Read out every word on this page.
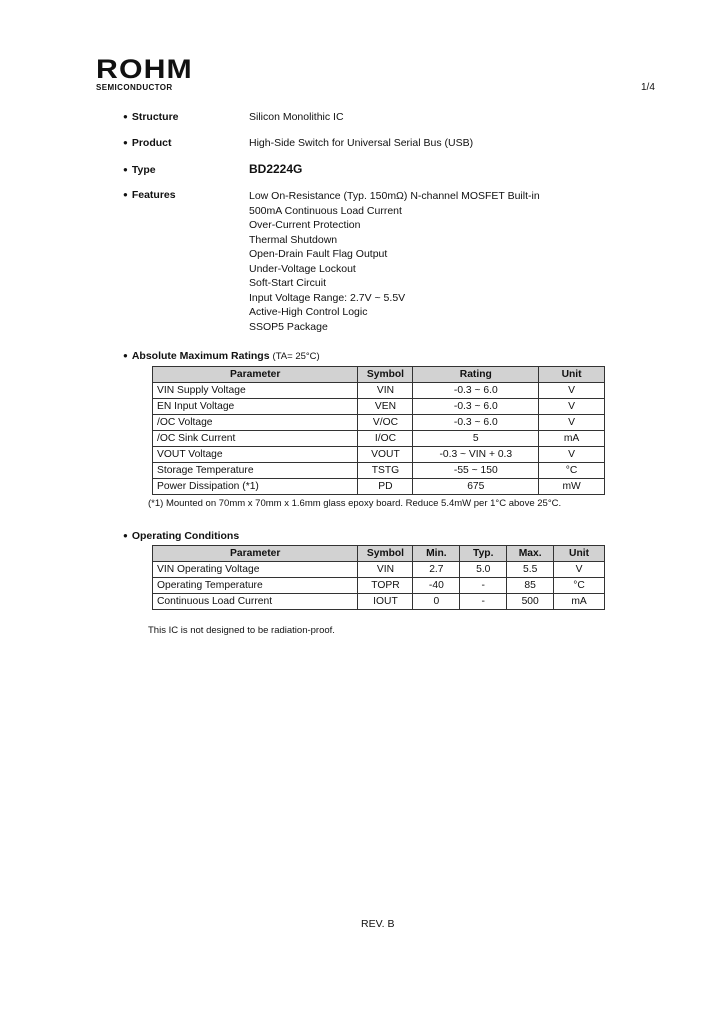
ROHM
SEMICONDUCTOR	1/4
● Structure	Silicon Monolithic IC
● Product	High-Side Switch for Universal Serial Bus (USB)
● Type	BD2224G
● Features	Low On-Resistance (Typ. 150mΩ) N-channel MOSFET Built-in
500mA Continuous Load Current
Over-Current Protection
Thermal Shutdown
Open-Drain Fault Flag Output
Under-Voltage Lockout
Soft-Start Circuit
Input Voltage Range: 2.7V ~ 5.5V
Active-High Control Logic
SSOP5 Package
● Absolute Maximum Ratings (TA= 25°C)
Parameter	Symbol	Rating	Unit
VIN Supply Voltage	VIN	-0.3 ~ 6.0	V
EN Input Voltage	VEN	-0.3 ~ 6.0	V
/OC Voltage	V/OC	-0.3 ~ 6.0	V
/OC Sink Current	I/OC	5	mA
VOUT Voltage	VOUT	-0.3 ~ VIN + 0.3	V
Storage Temperature	TSTG	-55 ~ 150	°C
Power Dissipation (*1)	PD	675	mW
(*1) Mounted on 70mm x 70mm x 1.6mm glass epoxy board. Reduce 5.4mW per 1°C above 25°C.
● Operating Conditions
Parameter	Symbol	Min.	Typ.	Max.	Unit
VIN Operating Voltage	VIN	2.7	5.0	5.5	V
Operating Temperature	TOPR	-40	-	85	°C
Continuous Load Current	IOUT	0	-	500	mA
This IC is not designed to be radiation-proof.
REV. B
